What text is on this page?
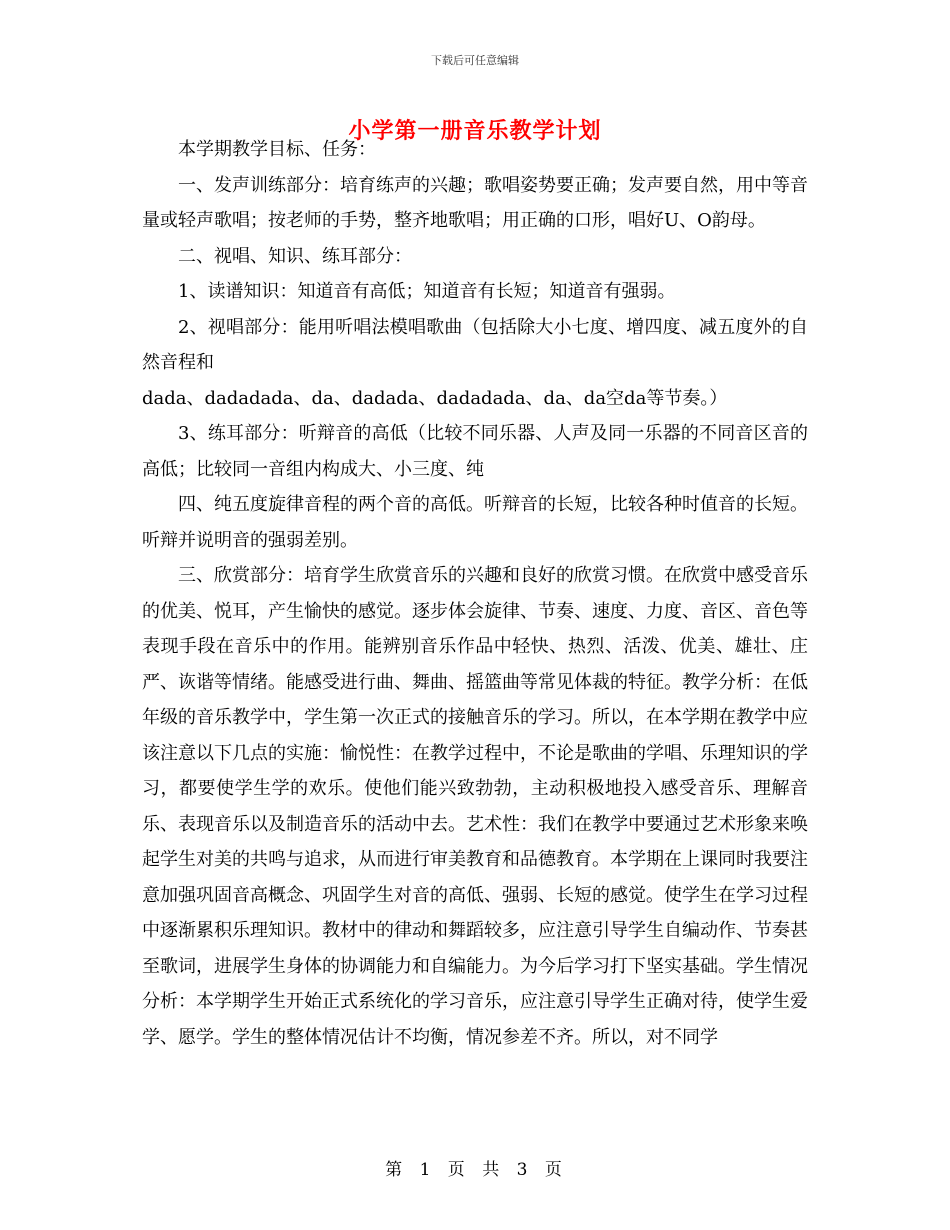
下载后可任意编辑
小学第一册音乐教学计划

本学期教学目标、任务：

一、发声训练部分：培育练声的兴趣；歌唱姿势要正确；发声要自然，用中等音量或轻声歌唱；按老师的手势，整齐地歌唱；用正确的口形，唱好U、O韵母。

二、视唱、知识、练耳部分：

1、读谱知识：知道音有高低；知道音有长短；知道音有强弱。

2、视唱部分：能用听唱法模唱歌曲（包括除大小七度、增四度、减五度外的自然音程和

dada、dadadada、da、dadada、dadadada、da、da空da等节奏。）

3、练耳部分：听辩音的高低（比较不同乐器、人声及同一乐器的不同音区音的高低；比较同一音组内构成大、小三度、纯

四、纯五度旋律音程的两个音的高低。听辩音的长短，比较各种时值音的长短。听辩并说明音的强弱差别。

三、欣赏部分：培育学生欣赏音乐的兴趣和良好的欣赏习惯。在欣赏中感受音乐的优美、悦耳，产生愉快的感觉。逐步体会旋律、节奏、速度、力度、音区、音色等表现手段在音乐中的作用。能辨别音乐作品中轻快、热烈、活泼、优美、雄壮、庄严、诙谐等情绪。能感受进行曲、舞曲、摇篮曲等常见体裁的特征。教学分析：在低年级的音乐教学中，学生第一次正式的接触音乐的学习。所以，在本学期在教学中应该注意以下几点的实施：愉悦性：在教学过程中，不论是歌曲的学唱、乐理知识的学习，都要使学生学的欢乐。使他们能兴致勃勃，主动积极地投入感受音乐、理解音乐、表现音乐以及制造音乐的活动中去。艺术性：我们在教学中要通过艺术形象来唤起学生对美的共鸣与追求，从而进行审美教育和品德教育。本学期在上课同时我要注意加强巩固音高概念、巩固学生对音的高低、强弱、长短的感觉。使学生在学习过程中逐渐累积乐理知识。教材中的律动和舞蹈较多，应注意引导学生自编动作、节奏甚至歌词，进展学生身体的协调能力和自编能力。为今后学习打下坚实基础。学生情况分析：本学期学生开始正式系统化的学习音乐，应注意引导学生正确对待，使学生爱学、愿学。学生的整体情况估计不均衡，情况参差不齐。所以，对不同学

第 1 页 共 3 页
